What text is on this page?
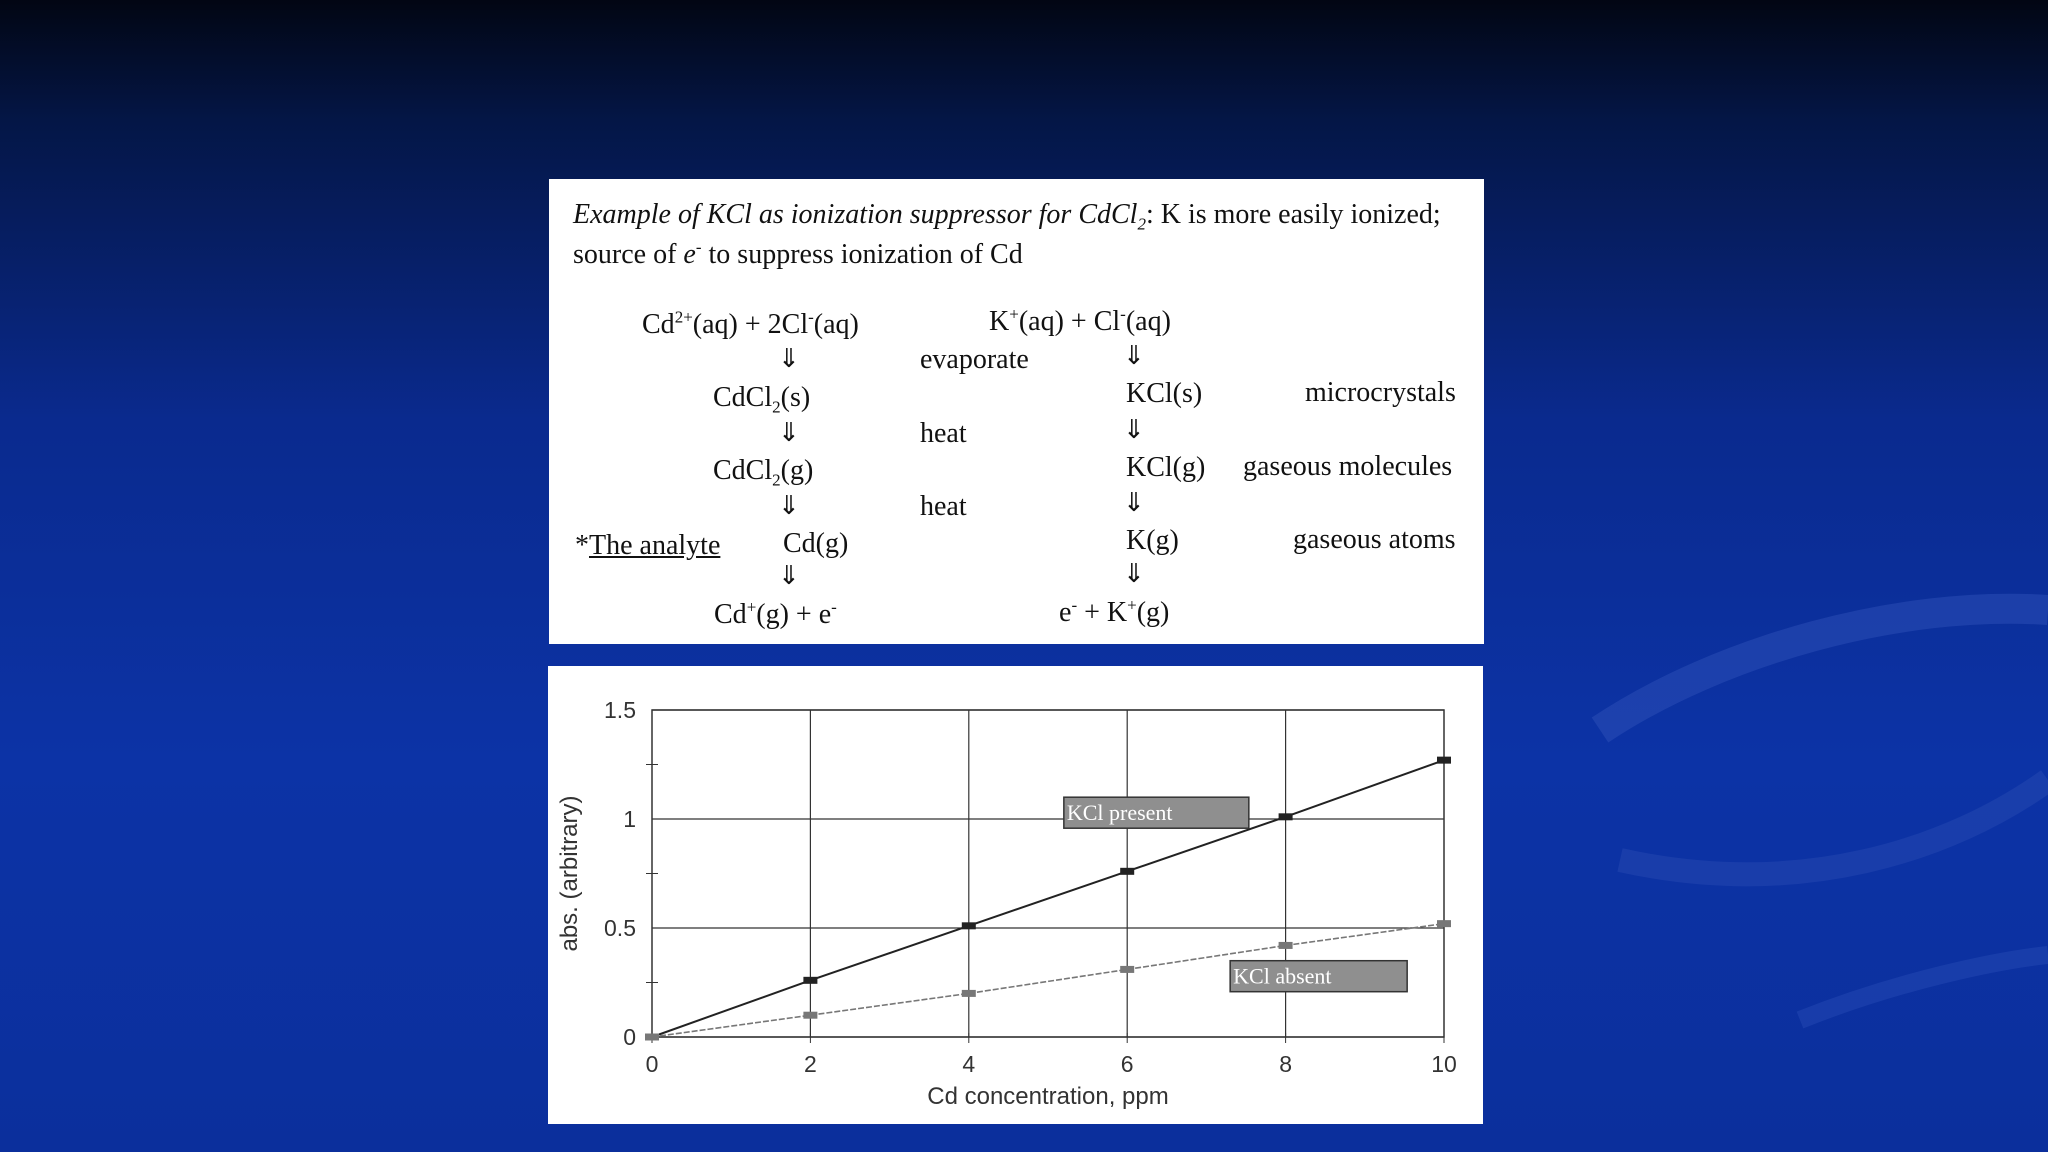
Example of KCl as ionization suppressor for CdCl$_2$: K is more easily ionized; source of e- to suppress ionization of Cd
$Cd^{2+}(aq) + 2Cl^-(aq)$	K+(aq) + Cl-(aq)
⇓	evaporate	⇓
CdCl$_2$(s)	KCl(s)	microcrystals
⇓	heat	⇓
CdCl$_2$(g)	KCl(g) gaseous molecules
⇓	heat	⇓
*The analyte Cd(g)	K(g)	gaseous atoms
⇓	⇓
Cd+(g) + e-	e- + K+(g)
0
0.5
1
1.5
0	2	4	6	8	10
Cd concentration, ppm
abs. (arbitrary)	KCl present
KCl absent
